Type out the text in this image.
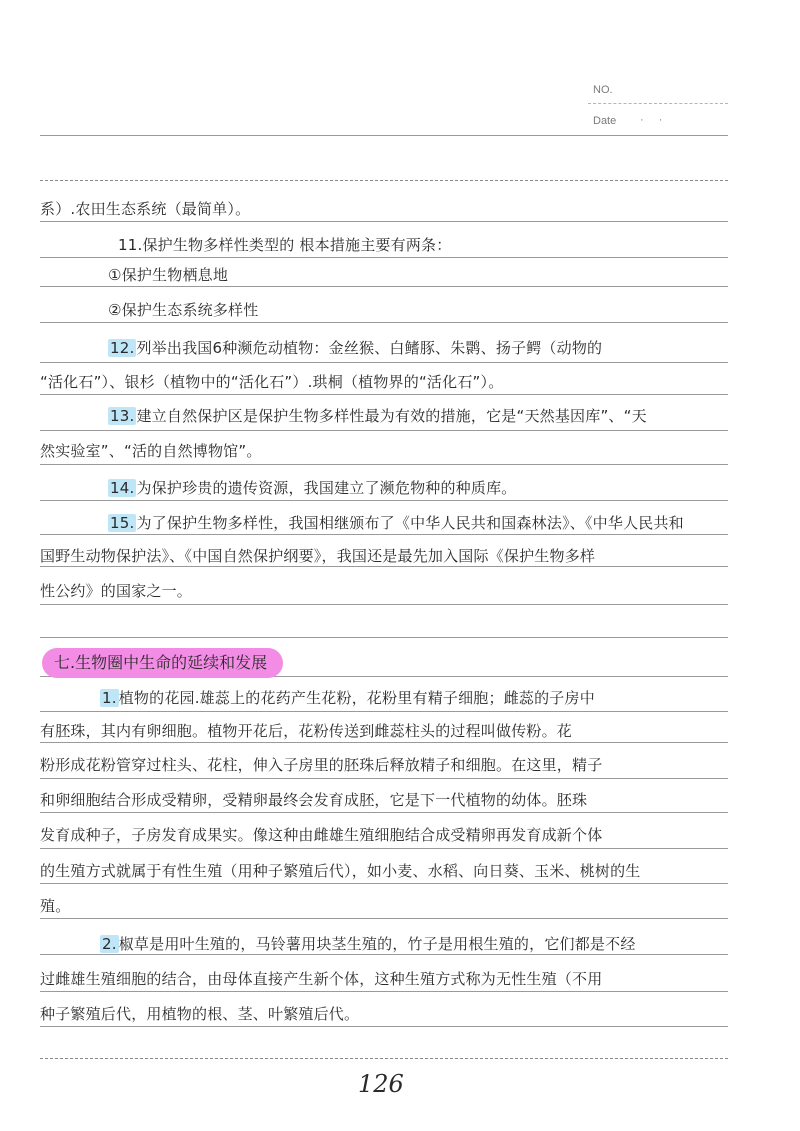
NO.
Date · ·
系）.农田生态系统（最简单）。
11.保护生物多样性类型的 根本措施主要有两条：
①保护生物栖息地
②保护生态系统多样性
12. 列举出我国6种濒危动植物：金丝猴、白鳍豚、朱鹮、扬子鳄（动物的
“活化石”）、银杉（植物中的“活化石”）.珙桐（植物界的“活化石”）。
13. 建立自然保护区是保护生物多样性最为有效的措施，它是“天然基因库”、“天
然实验室”、“活的自然博物馆”。
14. 为保护珍贵的遗传资源，我国建立了濒危物种的种质库。
15. 为了保护生物多样性，我国相继颁布了《中华人民共和国森林法》、《中华人民共和
国野生动物保护法》、《中国自然保护纲要》，我国还是最先加入国际《保护生物多样
性公约》的国家之一。
七.生物圈中生命的延续和发展
1. 植物的花园.雄蕊上的花药产生花粉，花粉里有精子细胞；雌蕊的子房中
有胚珠，其内有卵细胞。植物开花后，花粉传送到雌蕊柱头的过程叫做传粉。花
粉形成花粉管穿过柱头、花柱，伸入子房里的胚珠后释放精子和细胞。在这里，精子
和卵细胞结合形成受精卵，受精卵最终会发育成胚，它是下一代植物的幼体。胚珠
发育成种子，子房发育成果实。像这种由雌雄生殖细胞结合成受精卵再发育成新个体
的生殖方式就属于有性生殖（用种子繁殖后代），如小麦、水稻、向日葵、玉米、桃树的生
殖。
2. 椒草是用叶生殖的，马铃薯用块茎生殖的，竹子是用根生殖的，它们都是不经
过雌雄生殖细胞的结合，由母体直接产生新个体，这种生殖方式称为无性生殖（不用
种子繁殖后代，用植物的根、茎、叶繁殖后代。
126
